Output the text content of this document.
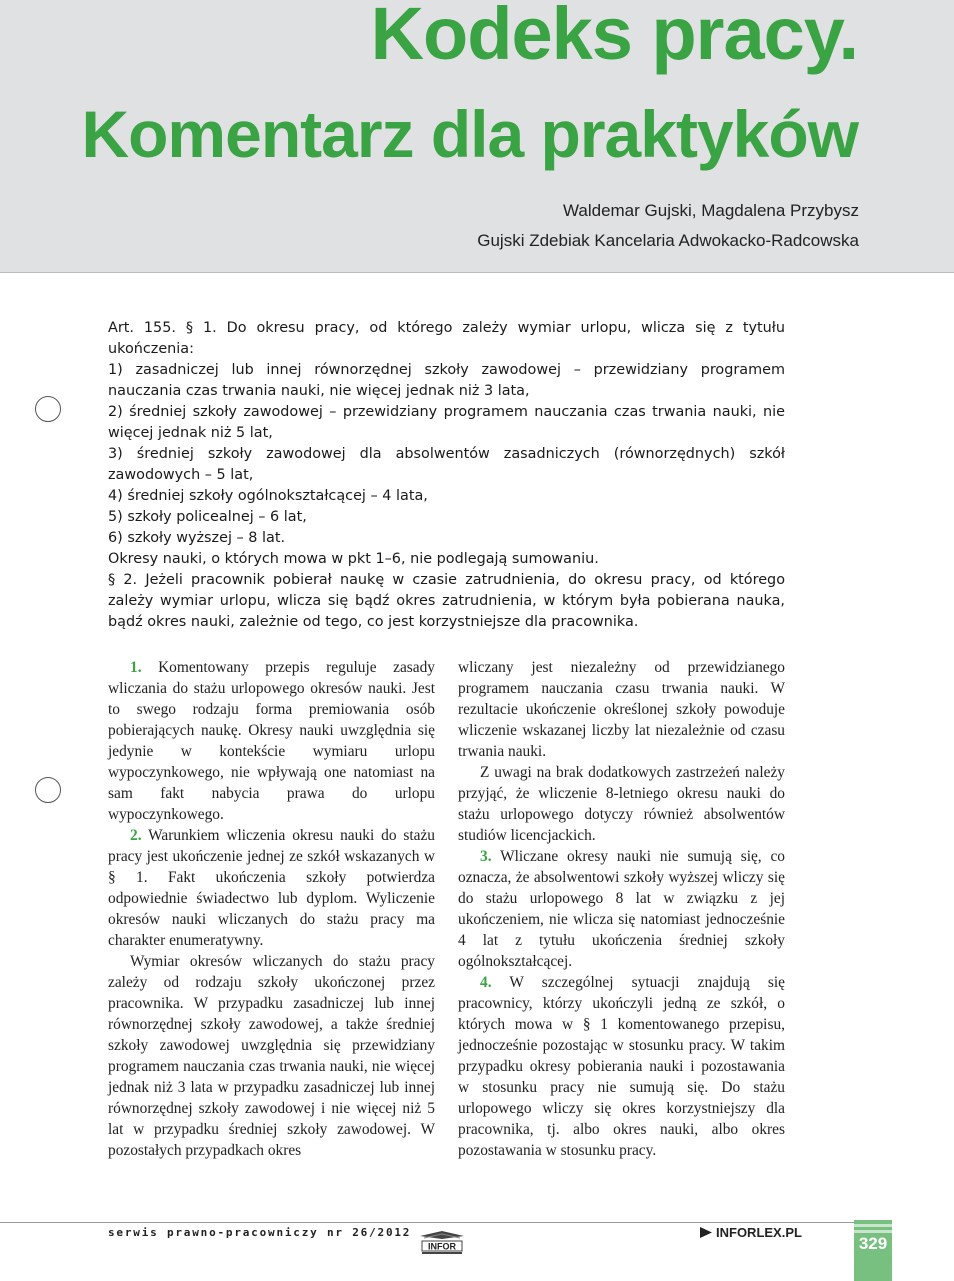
Kodeks pracy.
Komentarz dla praktyków
Waldemar Gujski, Magdalena Przybysz
Gujski Zdebiak Kancelaria Adwokacko-Radcowska

Art. 155. § 1. Do okresu pracy, od którego zależy wymiar urlopu, wlicza się z tytułu ukończenia:

1) zasadniczej lub innej równorzędnej szkoły zawodowej – przewidziany programem nauczania czas trwania nauki, nie więcej jednak niż 3 lata,

2) średniej szkoły zawodowej – przewidziany programem nauczania czas trwania nauki, nie więcej jednak niż 5 lat,

3) średniej szkoły zawodowej dla absolwentów zasadniczych (równorzędnych) szkół zawodowych – 5 lat,

4) średniej szkoły ogólnokształcącej – 4 lata,

5) szkoły policealnej – 6 lat,

6) szkoły wyższej – 8 lat.

Okresy nauki, o których mowa w pkt 1–6, nie podlegają sumowaniu.

§ 2. Jeżeli pracownik pobierał naukę w czasie zatrudnienia, do okresu pracy, od którego zależy wymiar urlopu, wlicza się bądź okres zatrudnienia, w którym była pobierana nauka, bądź okres nauki, zależnie od tego, co jest korzystniejsze dla pracownika.

1. Komentowany przepis reguluje zasady wliczania do stażu urlopowego okresów nauki. Jest to swego rodzaju forma premiowania osób pobierających naukę. Okresy nauki uwzględnia się jedynie w kontekście wymiaru urlopu wypoczynkowego, nie wpływają one natomiast na sam fakt nabycia prawa do urlopu wypoczynkowego.

2. Warunkiem wliczenia okresu nauki do stażu pracy jest ukończenie jednej ze szkół wskazanych w § 1. Fakt ukończenia szkoły potwierdza odpowiednie świadectwo lub dyplom. Wyliczenie okresów nauki wliczanych do stażu pracy ma charakter enumeratywny.

Wymiar okresów wliczanych do stażu pracy zależy od rodzaju szkoły ukończonej przez pracownika. W przypadku zasadniczej lub innej równorzędnej szkoły zawodowej, a także średniej szkoły zawodowej uwzględnia się przewidziany programem nauczania czas trwania nauki, nie więcej jednak niż 3 lata w przypadku zasadniczej lub innej równorzędnej szkoły zawodowej i nie więcej niż 5 lat w przypadku średniej szkoły zawodowej. W pozostałych przypadkach okres

wliczany jest niezależny od przewidzianego programem nauczania czasu trwania nauki. W rezultacie ukończenie określonej szkoły powoduje wliczenie wskazanej liczby lat niezależnie od czasu trwania nauki.

Z uwagi na brak dodatkowych zastrzeżeń należy przyjąć, że wliczenie 8-letniego okresu nauki do stażu urlopowego dotyczy również absolwentów studiów licencjackich.

3. Wliczane okresy nauki nie sumują się, co oznacza, że absolwentowi szkoły wyższej wliczy się do stażu urlopowego 8 lat w związku z jej ukończeniem, nie wlicza się natomiast jednocześnie 4 lat z tytułu ukończenia średniej szkoły ogólnokształcącej.

4. W szczególnej sytuacji znajdują się pracownicy, którzy ukończyli jedną ze szkół, o których mowa w § 1 komentowanego przepisu, jednocześnie pozostając w stosunku pracy. W takim przypadku okresy pobierania nauki i pozostawania w stosunku pracy nie sumują się. Do stażu urlopowego wliczy się okres korzystniejszy dla pracownika, tj. albo okres nauki, albo okres pozostawania w stosunku pracy.

serwis prawno-pracowniczy nr 26/2012
INFOR
INFORLEX.PL
329
